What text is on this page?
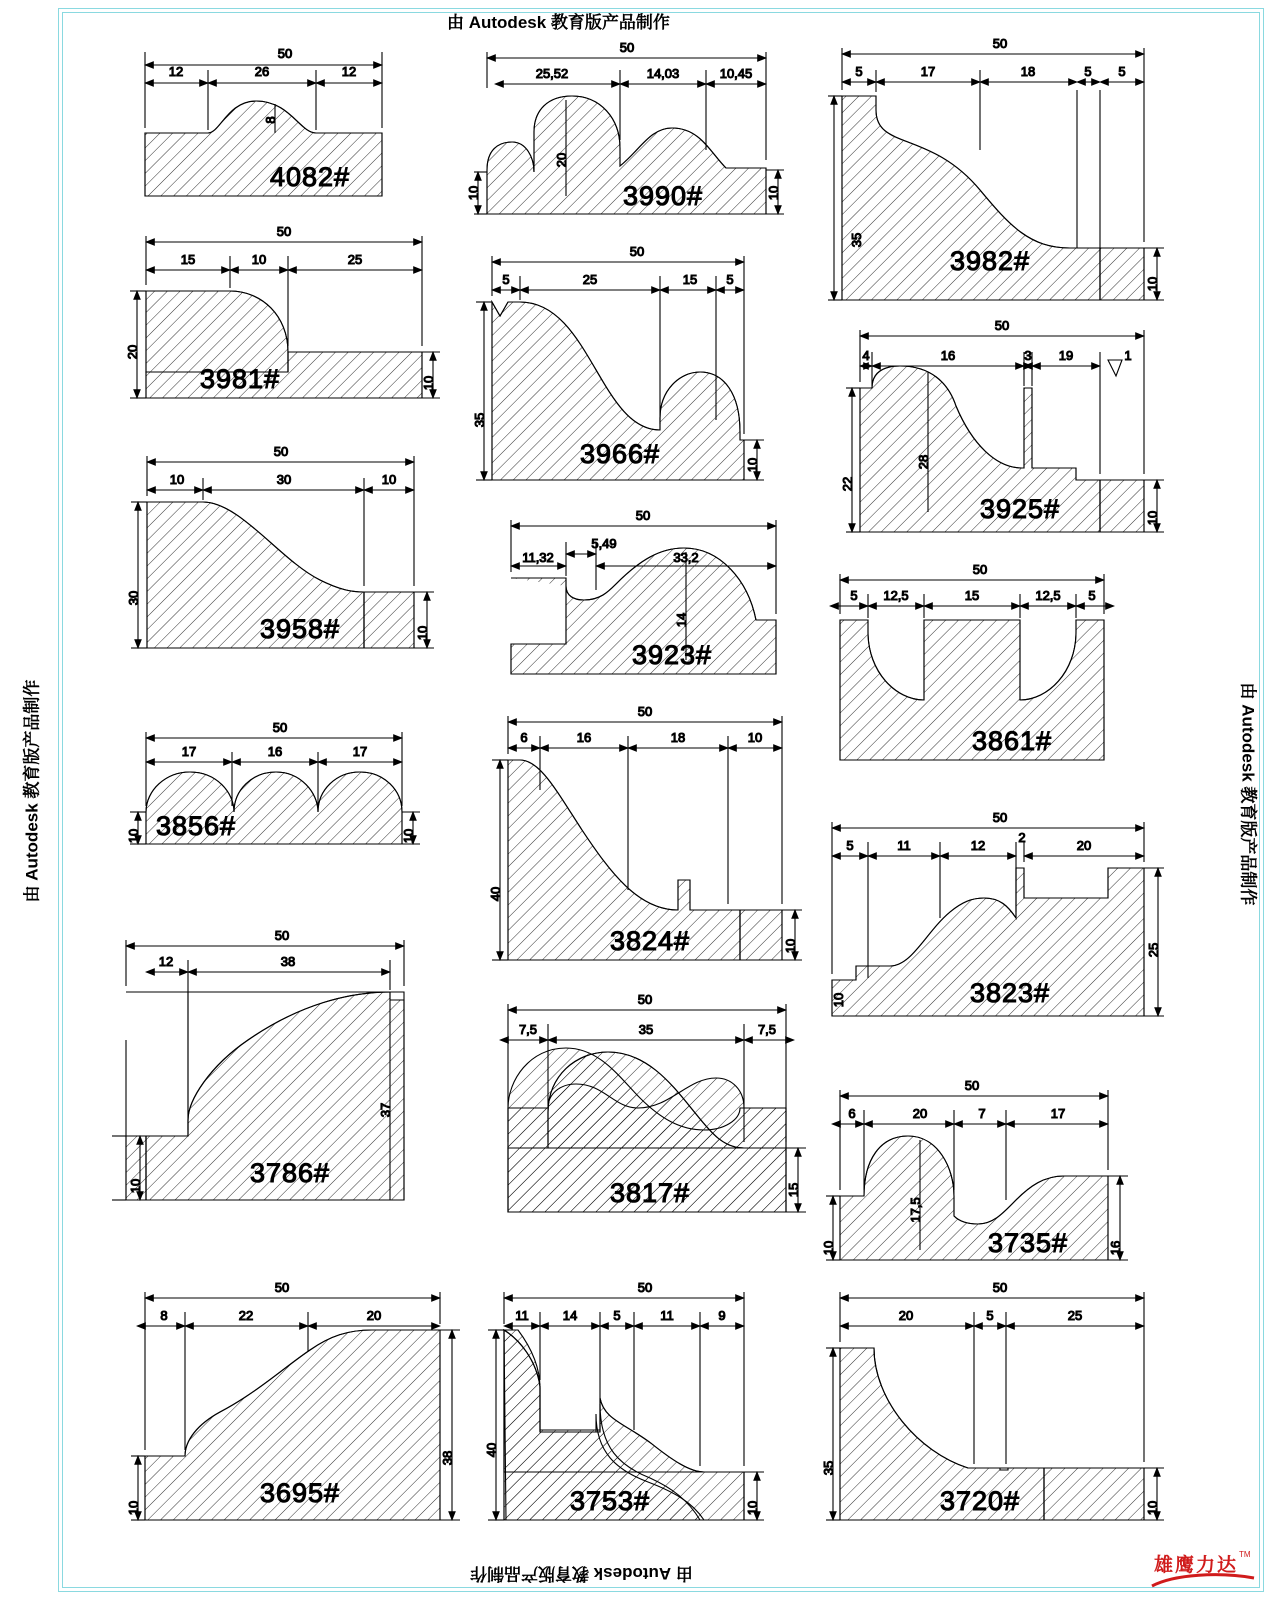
由 Autodesk 教育版产品制作
由 Autodesk 教育版产品制作
由 Autodesk 教育版产品制作	由 Autodesk 教育版产品制作
50
12	26	12
8
4082#
50
25,52	14,03	10,45
10	10
20
3990#
50
5	17	18	5 5
35
10
3982#
50
15	10	25
20
10
3981#
50
5	25	15 5
35
10
3966#
50
4	16	3 19	1
22
10
28
3925#
50
10	30	10
30
10
3958#
50
11,32
5,49
33,2
14
3923#
50
5 12,5	15	12,5 5
3861#
50
17	16	17
10	10
3856#
50
6	16	18	10
40
10
3824#
50
5	11	12
2
20
10
25
3823#
50
12	38
10
37
3786#
50
7,5	35	7,5
15
3817#
50
6	20	7	17
10	16
17,5
3735#
50
8	22	20
10
38
3695#
50
11	14	5	11	9
40
10
3753#
50
20	5	25
35
10
3720#
雄鹰力达 TM
